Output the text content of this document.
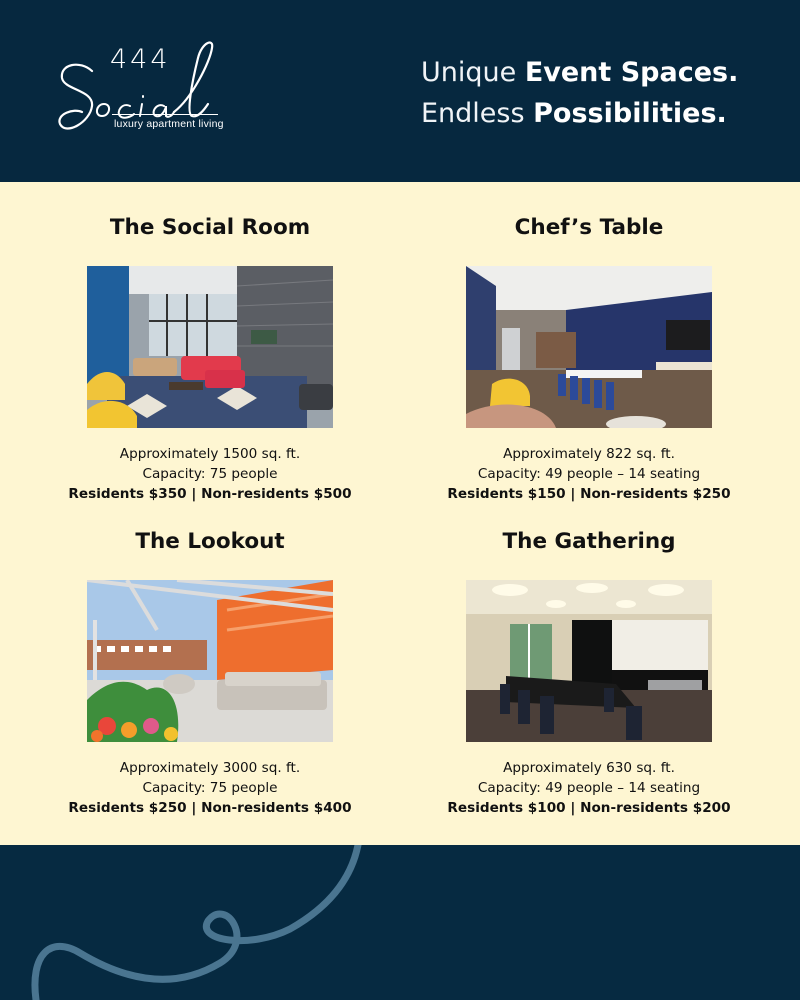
444
luxury apartment living
Unique Event Spaces.
Endless Possibilities.
The Social Room
Approximately 1500 sq. ft.
Capacity: 75 people
Residents $350 | Non-residents $500
Chef’s Table
Approximately 822 sq. ft.
Capacity: 49 people – 14 seating
Residents $150 | Non-residents $250
The Lookout
Approximately 3000 sq. ft.
Capacity: 75 people
Residents $250 | Non-residents $400
The Gathering
Approximately 630 sq. ft.
Capacity: 49 people – 14 seating
Residents $100 | Non-residents $200
